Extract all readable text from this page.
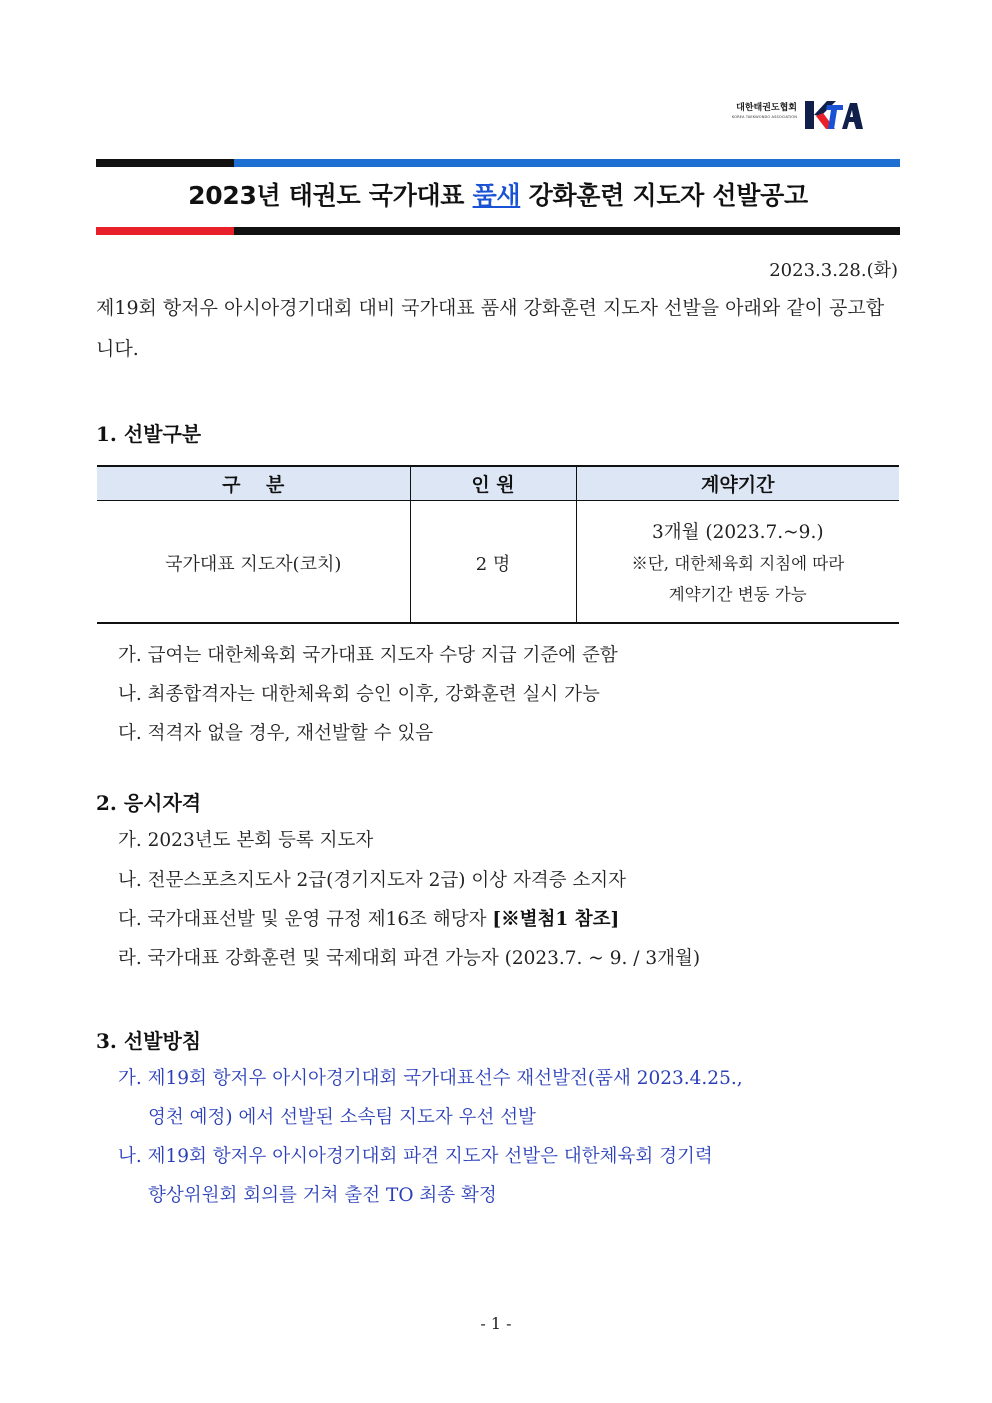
대한태권도협회
KOREA TAEKWONDO ASSOCIATION
2023년 태권도 국가대표 품새 강화훈련 지도자 선발공고
2023.3.28.(화)
제19회 항저우 아시아경기대회 대비 국가대표 품새 강화훈련 지도자 선발을 아래와 같이 공고합니다.
1. 선발구분
구　 분	인 원	계약기간

국가대표 지도자(코치)	2 명	3개월 (2023.7.~9.)
※단, 대한체육회 지침에 따라
계약기간 변동 가능
가. 급여는 대한체육회 국가대표 지도자 수당 지급 기준에 준함
나. 최종합격자는 대한체육회 승인 이후, 강화훈련 실시 가능
다. 적격자 없을 경우, 재선발할 수 있음
2. 응시자격
가. 2023년도 본회 등록 지도자
나. 전문스포츠지도사 2급(경기지도자 2급) 이상 자격증 소지자
다. 국가대표선발 및 운영 규정 제16조 해당자 [※별첨1 참조]
라. 국가대표 강화훈련 및 국제대회 파견 가능자 (2023.7. ~ 9. / 3개월)
3. 선발방침
가. 제19회 항저우 아시아경기대회 국가대표선수 재선발전(품새 2023.4.25.,
영천 예정) 에서 선발된 소속팀 지도자 우선 선발
나. 제19회 항저우 아시아경기대회 파견 지도자 선발은 대한체육회 경기력
향상위원회 회의를 거쳐 출전 TO 최종 확정
- 1 -
